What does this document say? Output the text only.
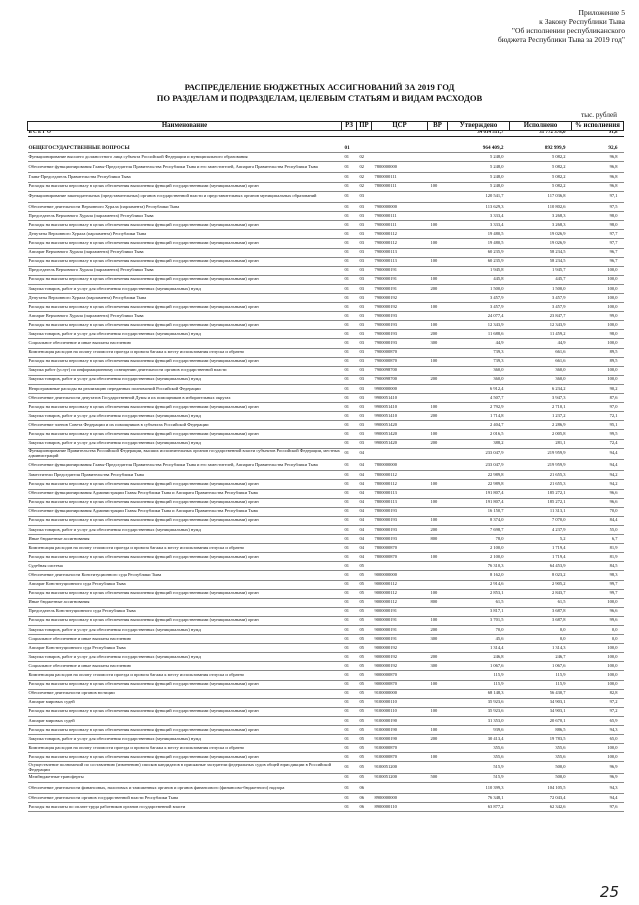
Приложение 5
к Закону Республики Тыва
"Об исполнении республиканского
бюджета Республики Тыва за 2019 год"
РАСПРЕДЕЛЕНИЕ БЮДЖЕТНЫХ АССИГНОВАНИЙ ЗА 2019 ГОД
ПО РАЗДЕЛАМ И ПОДРАЗДЕЛАМ, ЦЕЛЕВЫМ СТАТЬЯМ И ВИДАМ РАСХОДОВ
тыс. рублей
Наименование	РЗ	ПР	ЦСР	ВР	Утверждено	Исполнено	% исполнения
В С Е Г О					34 614 551,7	31 772 378,0	91,8

ОБЩЕГОСУДАРСТВЕННЫЕ ВОПРОСЫ	01				964 409,2	892 999,9	92,6
Функционирование высшего должностного лица субъекта Российской Федерации и муниципального образования	01	02			5 248,0	5 082,2	96,8
Обеспечение функционирования Главы-Председателя Правительства Республики Тыва и его заместителей, Аппарата Правительства Республики Тыва	01	02	7800000000		5 248,0	5 082,2	96,8
Глава-Председатель Правительства Республики Тыва	01	02	7800000111		5 248,0	5 082,2	96,8
Расходы на выплаты персоналу в целях обеспечения выполнения функций государственными (муниципальными) орган	01	02	7800000111	100	5 248,0	5 082,2	96,8
Функционирование законодательных (представительных) органов государственной власти и представительных органов муниципальных образований	01	03			120 541,7	117 036,8	97,1
Обеспечение деятельности Верховного Хурала (парламента) Республики Тыва	01	03	7900000000		113 629,3	110 802,6	97,5
Председатель Верховного Хурала (парламента) Республики Тыва	01	03	7900000111		3 333,4	3 268,3	98,0
Расходы на выплаты персоналу в целях обеспечения выполнения функций государственными (муниципальными) орган	01	03	7900000111	100	3 333,4	3 268,3	98,0
Депутаты Верховного Хурала (парламента) Республики Тыва	01	03	7900000112		19 480,5	19 026,9	97,7
Расходы на выплаты персоналу в целях обеспечения выполнения функций государственными (муниципальными) орган	01	03	7900000112	100	19 480,5	19 026,9	97,7
Аппарат Верховного Хурала (парламента) Республики Тыва	01	03	7900000113		60 235,9	58 234,5	96,7
Расходы на выплаты персоналу в целях обеспечения выполнения функций государственными (муниципальными) орган	01	03	7900000113	100	60 235,9	58 234,5	96,7
Председатель Верховного Хурала (парламента) Республики Тыва	01	03	7900000191		1 945,8	1 945,7	100,0
Расходы на выплаты персоналу в целях обеспечения выполнения функций государственными (муниципальными) орган	01	03	7900000191	100	445,8	445,7	100,0
Закупка товаров, работ и услуг для обеспечения государственных (муниципальных) нужд	01	03	7900000191	200	1 500,0	1 500,0	100,0
Депутаты Верховного Хурала (парламента) Республики Тыва	01	03	7900000192		3 457,9	3 457,9	100,0
Расходы на выплаты персоналу в целях обеспечения выполнения функций государственными (муниципальными) орган	01	03	7900000192	100	3 457,9	3 457,9	100,0
Аппарат Верховного Хурала (парламента) Республики Тыва	01	03	7900000193		24 077,4	23 847,7	99,0
Расходы на выплаты персоналу в целях обеспечения выполнения функций государственными (муниципальными) орган	01	03	7900000193	100	12 343,9	12 343,9	100,0
Закупка товаров, работ и услуг для обеспечения государственных (муниципальных) нужд	01	03	7900000193	200	11 688,6	11 459,2	98,0
Социальное обеспечение и иные выплаты населению	01	03	7900000193	300	44,9	44,9	100,0
Компенсация расходов на оплату стоимости проезда и провоза багажа к месту использования отпуска и обратно	01	03	7900000870		739,3	661,6	89,5
Расходы на выплаты персоналу в целях обеспечения выполнения функций государственными (муниципальными) орган	01	03	7900000870	100	739,3	661,6	89,5
Закупка работ (услуг) по информационному освещению деятельности органов государственной власти	01	03	7900098700		360,0	360,0	100,0
Закупка товаров, работ и услуг для обеспечения государственных (муниципальных) нужд	01	03	7900098700	200	360,0	360,0	100,0
Непрограммные расходы на реализацию переданных полномочий Российской Федерации	01	03	9900000000		6 912,4	6 234,2	90,2
Обеспечение деятельности депутатов Государственной Думы и их помощников в избирательных округах	01	03	9900051410		4 507,7	3 947,3	87,6
Расходы на выплаты персоналу в целях обеспечения выполнения функций государственными (муниципальными) орган	01	03	9900051410	100	2 792,9	2 710,1	97,0
Закупка товаров, работ и услуг для обеспечения государственных (муниципальных) нужд	01	03	9900051410	200	1 714,8	1 237,2	72,1
Обеспечение членов Совета Федерации и их помощников в субъектах Российской Федерации	01	03	9900051420		2 404,7	2 286,9	95,1
Расходы на выплаты персоналу в целях обеспечения выполнения функций государственными (муниципальными) орган	01	03	9900051420	100	2 016,5	2 005,8	99,5
Закупка товаров, работ и услуг для обеспечения государственных (муниципальных) нужд	01	03	9900051420	200	388,2	281,1	72,4
Функционирование Правительства Российской Федерации, высших исполнительных органов государственной власти субъектов Российской Федерации, местных администраций	01	04			233 047,9	219 959,9	94,4
Обеспечение функционирования Главы-Председателя Правительства Республики Тыва и его заместителей, Аппарата Правительства Республики Тыва	01	04	7800000000		233 047,9	219 959,9	94,4
Заместители Председателя Правительства Республики Тыва	01	04	7800000112		22 989,8	21 655,3	94,2
Расходы на выплаты персоналу в целях обеспечения выполнения функций государственными (муниципальными) орган	01	04	7800000112	100	22 989,8	21 655,3	94,2
Обеспечение функционирования Администрации Главы Республики Тыва и Аппарата Правительства Республики Тыва	01	04	7800000113		191 807,4	185 272,1	96,6
Расходы на выплаты персоналу в целях обеспечения выполнения функций государственными (муниципальными) орган	01	04	7800000113	100	191 807,4	185 272,1	96,6
Обеспечение функционирования Администрации Главы Республики Тыва и Аппарата Правительства Республики Тыва	01	04	7800000193		16 150,7	11 313,1	70,0
Расходы на выплаты персоналу в целях обеспечения выполнения функций государственными (муниципальными) орган	01	04	7800000193	100	8 374,0	7 070,0	84,4
Закупка товаров, работ и услуг для обеспечения государственных (муниципальных) нужд	01	04	7800000193	200	7 698,7	4 237,9	55,0
Иные бюджетные ассигнования	01	04	7800000193	800	78,0	5,2	6,7
Компенсация расходов на оплату стоимости проезда и провоза багажа к месту использования отпуска и обратно	01	04	7800000870		2 100,0	1 719,4	81,9
Расходы на выплаты персоналу в целях обеспечения выполнения функций государственными (муниципальными) орган	01	04	7800000870	100	2 100,0	1 719,4	81,9
Судебная система	01	05			76 310,3	64 453,9	84,5
Обеспечение деятельности Конституционного суда Республики Тыва	01	05	9000000000		8 162,0	8 023,2	98,3
Аппарат Конституционного суда Республики Тыва	01	05	9000000112		2 914,6	2 905,2	99,7
Расходы на выплаты персоналу в целях обеспечения выполнения функций государственными (муниципальными) орган	01	05	9000000112	100	2 853,1	2 843,7	99,7
Иные бюджетные ассигнования	01	05	9000000112	800	61,5	61,5	100,0
Председатель Конституционного суда Республики Тыва	01	05	9000000191		3 817,1	3 687,8	96,6
Расходы на выплаты персоналу в целях обеспечения выполнения функций государственными (муниципальными) орган	01	05	9000000191	100	3 701,5	3 687,8	99,6
Закупка товаров, работ и услуг для обеспечения государственных (муниципальных) нужд	01	05	9000000191	200	70,0	0,0	0,0
Социальное обеспечение и иные выплаты населению	01	05	9000000191	300	45,6	0,0	0,0
Аппарат Конституционного суда Республики Тыва	01	05	9000000192		1 314,4	1 314,3	100,0
Закупка товаров, работ и услуг для обеспечения государственных (муниципальных) нужд	01	05	9000000192	200	246,8	246,7	100,0
Социальное обеспечение и иные выплаты населению	01	05	9000000192	300	1 067,6	1 067,6	100,0
Компенсация расходов на оплату стоимости проезда и провоза багажа к месту использования отпуска и обратно	01	05	9000000870		115,9	115,9	100,0
Расходы на выплаты персоналу в целях обеспечения выполнения функций государственными (муниципальными) орган	01	05	9000000870	100	115,9	115,9	100,0
Обеспечение деятельности органов юстиции	01	05	9100000000		68 148,3	56 430,7	82,8
Аппарат мировых судей	01	05	9100000110		35 923,6	34 903,1	97,2
Расходы на выплаты персоналу в целях обеспечения выполнения функций государственными (муниципальными) орган	01	05	9100000110	100	35 923,6	34 903,1	97,2
Аппарат мировых судей	01	05	9100000190		31 353,0	20 670,1	65,9
Расходы на выплаты персоналу в целях обеспечения выполнения функций государственными (муниципальными) орган	01	05	9100000190	100	939,6	886,5	94,3
Закупка товаров, работ и услуг для обеспечения государственных (муниципальных) нужд	01	05	9100000190	200	30 413,4	19 783,5	65,0
Компенсация расходов на оплату стоимости проезда и провоза багажа к месту использования отпуска и обратно	01	05	9100000870		355,6	355,6	100,0
Расходы на выплаты персоналу в целях обеспечения выполнения функций государственными (муниципальными) орган	01	05	9100000870	100	355,6	355,6	100,0
Осуществление полномочий по составлению (изменению) списков кандидатов в присяжные заседатели федеральных судов общей юрисдикции в Российской Федерации	01	05	9100051200		515,9	500,0	96,9
Межбюджетные трансферты	01	05	9100051200	500	515,9	500,0	96,9
Обеспечение деятельности финансовых, налоговых и таможенных органов и органов финансового (финансово-бюджетного) надзора	01	06			110 399,3	104 105,5	94,3
Обеспечение деятельности органов государственной власти Республики Тыва	01	06	8900000000		76 348,1	72 043,4	94,4
Расходы на выплаты по оплате труда работников органов государственной власти	01	06	8900000110		63 877,2	62 342,6	97,6
25
